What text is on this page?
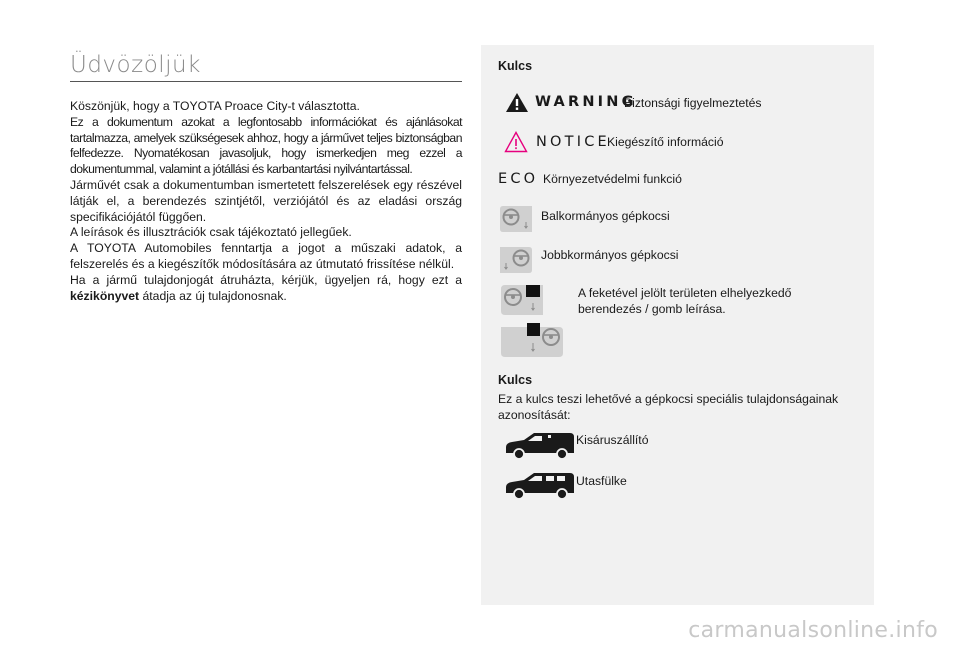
Üdvözöljük

Köszönjük, hogy a TOYOTA Proace City-t választotta.

Ez a dokumentum azokat a legfontosabb információkat és ajánlásokat tartalmazza, amelyek szükségesek ahhoz, hogy a járművet teljes biztonságban felfedezze. Nyomatékosan javasoljuk, hogy ismerkedjen meg ezzel a dokumentummal, valamint a jótállási és karbantartási nyilvántartással.

Járművét csak a dokumentumban ismertetett felszerelések egy részével látják el, a berendezés szintjétől, verziójától és az eladási ország specifikációjától függően.

A leírások és illusztrációk csak tájékoztató jellegűek.

A TOYOTA Automobiles fenntartja a jogot a műszaki adatok, a felszerelés és a kiegészítők módosítására az útmutató frissítése nélkül.

Ha a jármű tulajdonjogát átruházta, kérjük, ügyeljen rá, hogy ezt a kézikönyvet átadja az új tulajdonosnak.

Kulcs
WARNING
Biztonsági figyelmeztetés
NOTICE
Kiegészítő információ
ECO Környezetvédelmi funkció
Balkormányos gépkocsi
Jobbkormányos gépkocsi
A feketével jelölt területen elhelyezkedő berendezés / gomb leírása.
Kulcs
Ez a kulcs teszi lehetővé a gépkocsi speciális tulajdonságainak azonosítását:
Kisáruszállító
Utasfülke
carmanualsonline.info
